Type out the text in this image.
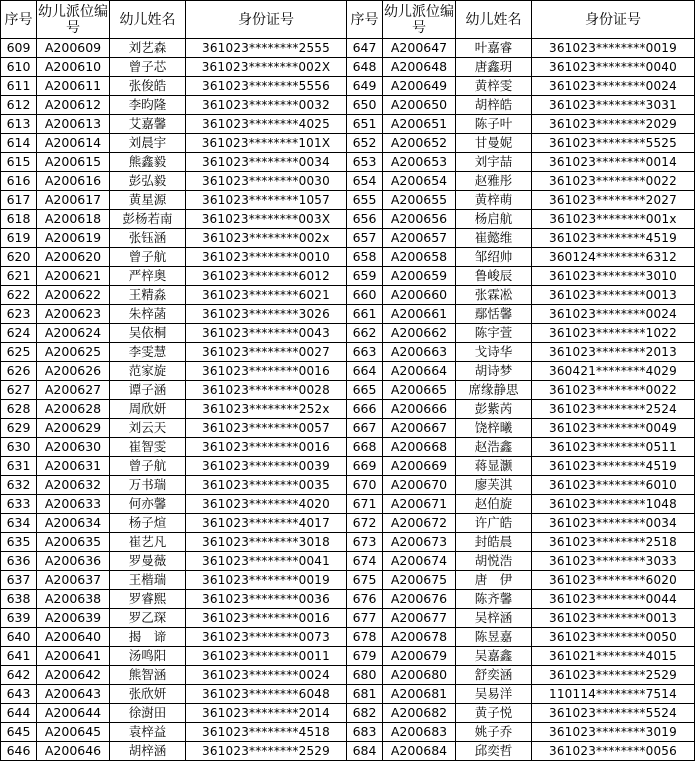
序号	幼儿派位编号	幼儿姓名	身份证号	序号	幼儿派位编号	幼儿姓名	身份证号
609	A200609	刘艺森	361023********2555	647	A200647	叶嘉睿	361023********0019
610	A200610	曾子芯	361023********002X	648	A200648	唐鑫玥	361023********0040
611	A200611	张俊皓	361023********5556	649	A200649	黄梓雯	361023********0024
612	A200612	李昀隆	361023********0032	650	A200650	胡梓皓	361023********3031
613	A200613	艾嘉馨	361023********4025	651	A200651	陈子叶	361023********2029
614	A200614	刘晨宇	361023********101X	652	A200652	甘曼妮	361023********5525
615	A200615	熊鑫毅	361023********0034	653	A200653	刘宇喆	361023********0014
616	A200616	彭弘毅	361023********0030	654	A200654	赵雅彤	361023********0022
617	A200617	黄星源	361023********1057	655	A200655	黄梓萌	361023********2027
618	A200618	彭杨若南	361023********003X	656	A200656	杨启航	361023********001x
619	A200619	张钰涵	361023********002x	657	A200657	崔懿维	361023********4519
620	A200620	曾子航	361023********0010	658	A200658	邹绍帅	360124********6312
621	A200621	严梓奥	361023********6012	659	A200659	鲁峻辰	361023********3010
622	A200622	王精淼	361023********6021	660	A200660	张霖凇	361023********0013
623	A200623	朱梓菡	361023********3026	661	A200661	鄢恬馨	361023********0024
624	A200624	吴依桐	361023********0043	662	A200662	陈宇萱	361023********1022
625	A200625	李雯慧	361023********0027	663	A200663	戈诗华	361023********2013
626	A200626	范家旋	361023********0016	664	A200664	胡诗梦	360421********4029
627	A200627	谭子涵	361023********0028	665	A200665	席缘静思	361023********0022
628	A200628	周欣妍	361023********252x	666	A200666	彭紫芮	361023********2524
629	A200629	刘云天	361023********0057	667	A200667	饶梓曦	361023********0049
630	A200630	崔智雯	361023********0016	668	A200668	赵浩鑫	361023********0511
631	A200631	曾子航	361023********0039	669	A200669	蒋显灏	361023********4519
632	A200632	万书瑞	361023********0035	670	A200670	廖芙淇	361023********6010
633	A200633	何亦馨	361023********4020	671	A200671	赵伯旋	361023********1048
634	A200634	杨子煊	361023********4017	672	A200672	许广皓	361023********0034
635	A200635	崔艺凡	361023********3018	673	A200673	封皓晨	361023********2518
636	A200636	罗曼薇	361023********0041	674	A200674	胡悦浩	361023********3033
637	A200637	王楷瑞	361023********0019	675	A200675	唐　伊	361023********6020
638	A200638	罗睿熙	361023********0036	676	A200676	陈齐馨	361023********0044
639	A200639	罗乙琛	361023********0016	677	A200677	吴梓涵	361023********0013
640	A200640	揭　谛	361023********0073	678	A200678	陈昱嘉	361023********0050
641	A200641	汤鸣阳	361023********0011	679	A200679	吴嘉鑫	361021********4015
642	A200642	熊智涵	361023********0024	680	A200680	舒奕涵	361023********2529
643	A200643	张欣妍	361023********6048	681	A200681	吴易洋	110114********7514
644	A200644	徐澍田	361023********2014	682	A200682	黄子悦	361023********5524
645	A200645	袁梓益	361023********4518	683	A200683	姚子乔	361023********3019
646	A200646	胡梓涵	361023********2529	684	A200684	邱奕哲	361023********0056
